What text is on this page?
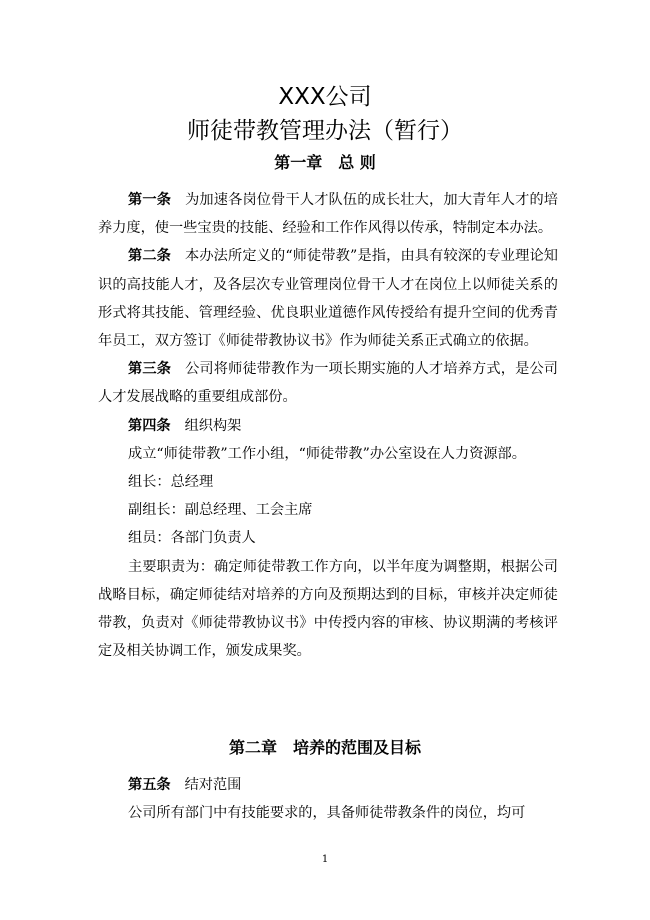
XXX公司
师徒带教管理办法（暂行）
第一章　总 则

第一条 为加速各岗位骨干人才队伍的成长壮大，加大青年人才的培养力度，使一些宝贵的技能、经验和工作作风得以传承，特制定本办法。

第二条 本办法所定义的“师徒带教”是指，由具有较深的专业理论知识的高技能人才，及各层次专业管理岗位骨干人才在岗位上以师徒关系的形式将其技能、管理经验、优良职业道德作风传授给有提升空间的优秀青年员工，双方签订《师徒带教协议书》作为师徒关系正式确立的依据。

第三条 公司将师徒带教作为一项长期实施的人才培养方式，是公司人才发展战略的重要组成部份。

第四条 组织构架

成立“师徒带教”工作小组，“师徒带教”办公室设在人力资源部。

组长：总经理

副组长：副总经理、工会主席

组员：各部门负责人

主要职责为：确定师徒带教工作方向，以半年度为调整期，根据公司战略目标，确定师徒结对培养的方向及预期达到的目标，审核并决定师徒带教，负责对《师徒带教协议书》中传授内容的审核、协议期满的考核评定及相关协调工作，颁发成果奖。

第二章　培养的范围及目标

第五条 结对范围

公司所有部门中有技能要求的，具备师徒带教条件的岗位，均可

1
